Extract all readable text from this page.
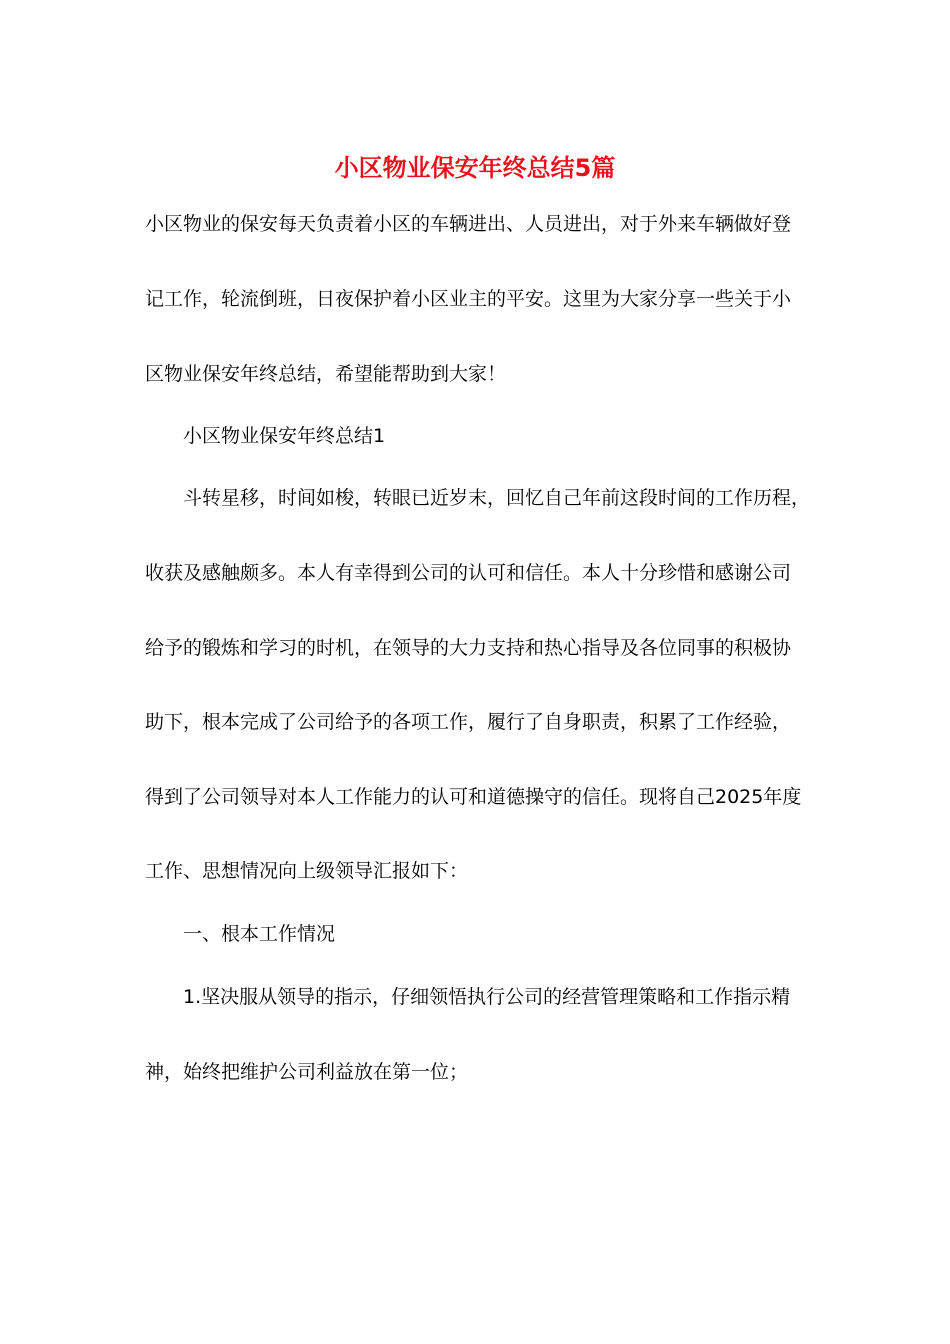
小区物业保安年终总结5篇
小区物业的保安每天负责着小区的车辆进出、人员进出，对于外来车辆做好登
记工作，轮流倒班，日夜保护着小区业主的平安。这里为大家分享一些关于小
区物业保安年终总结，希望能帮助到大家！
小区物业保安年终总结1
斗转星移，时间如梭，转眼已近岁末，回忆自己年前这段时间的工作历程，
收获及感触颇多。本人有幸得到公司的认可和信任。本人十分珍惜和感谢公司
给予的锻炼和学习的时机，在领导的大力支持和热心指导及各位同事的积极协
助下，根本完成了公司给予的各项工作，履行了自身职责，积累了工作经验，
得到了公司领导对本人工作能力的认可和道德操守的信任。现将自己2025年度
工作、思想情况向上级领导汇报如下：
一、根本工作情况
1.坚决服从领导的指示，仔细领悟执行公司的经营管理策略和工作指示精
神，始终把维护公司利益放在第一位；
